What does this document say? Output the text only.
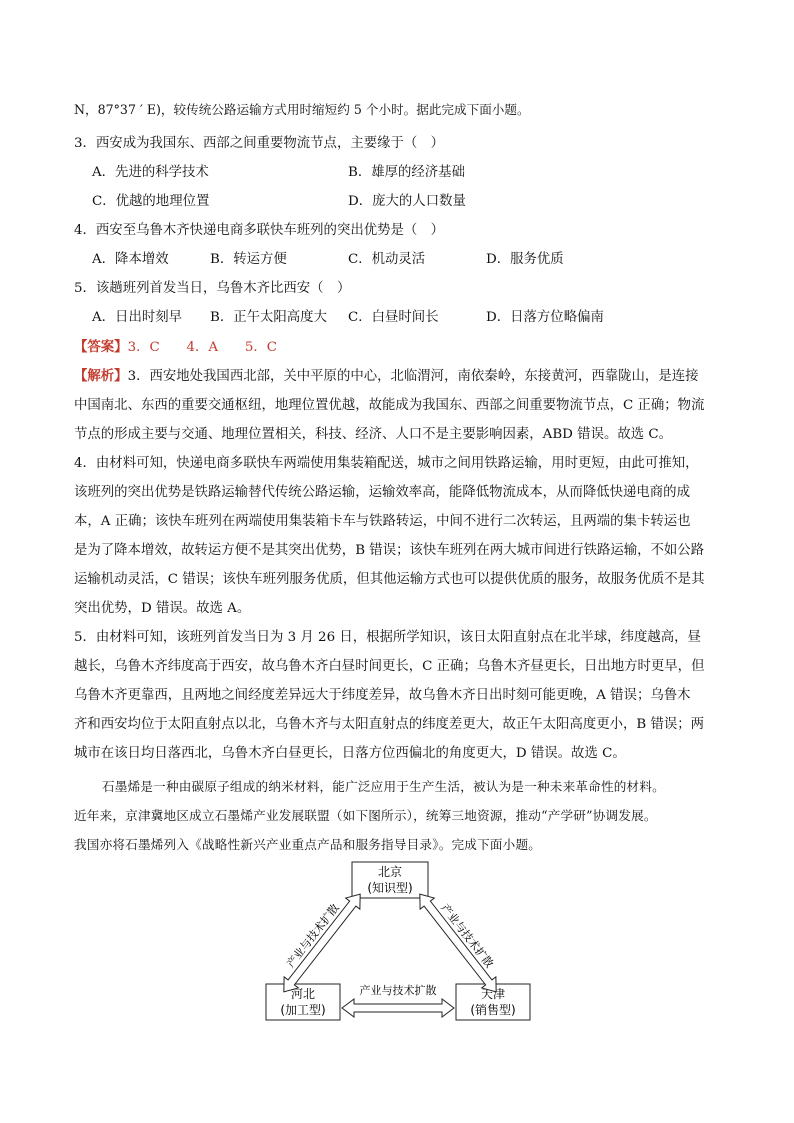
N，87°37 ′ E)，较传统公路运输方式用时缩短约 5 个小时。据此完成下面小题。
3．西安成为我国东、西部之间重要物流节点，主要缘于（　）
A．先进的科学技术	B．雄厚的经济基础
C．优越的地理位置	D．庞大的人口数量
4．西安至乌鲁木齐快递电商多联快车班列的突出优势是（　）
A．降本增效	B．转运方便	C．机动灵活	D．服务优质
5．该趟班列首发当日，乌鲁木齐比西安（　）
A．日出时刻早 B．正午太阳高度大 C．白昼时间长	D．日落方位略偏南
【答案】3．C　　4．A　　5．C
【解析】3．西安地处我国西北部，关中平原的中心，北临渭河，南依秦岭，东接黄河，西靠陇山，是连接
中国南北、东西的重要交通枢纽，地理位置优越，故能成为我国东、西部之间重要物流节点，C 正确；物流
节点的形成主要与交通、地理位置相关，科技、经济、人口不是主要影响因素，ABD 错误。故选 C。
4．由材料可知，快递电商多联快车两端使用集装箱配送，城市之间用铁路运输，用时更短，由此可推知，
该班列的突出优势是铁路运输替代传统公路运输，运输效率高，能降低物流成本，从而降低快递电商的成
本，A 正确；该快车班列在两端使用集装箱卡车与铁路转运，中间不进行二次转运，且两端的集卡转运也
是为了降本增效，故转运方便不是其突出优势，B 错误；该快车班列在两大城市间进行铁路运输，不如公路
运输机动灵活，C 错误；该快车班列服务优质，但其他运输方式也可以提供优质的服务，故服务优质不是其
突出优势，D 错误。故选 A。
5．由材料可知，该班列首发当日为 3 月 26 日，根据所学知识，该日太阳直射点在北半球，纬度越高，昼
越长，乌鲁木齐纬度高于西安，故乌鲁木齐白昼时间更长，C 正确；乌鲁木齐昼更长，日出地方时更早，但
乌鲁木齐更靠西，且两地之间经度差异远大于纬度差异，故乌鲁木齐日出时刻可能更晚，A 错误；乌鲁木
齐和西安均位于太阳直射点以北，乌鲁木齐与太阳直射点的纬度差更大，故正午太阳高度更小，B 错误；两
城市在该日均日落西北，乌鲁木齐白昼更长，日落方位西偏北的角度更大，D 错误。故选 C。
石墨烯是一种由碳原子组成的纳米材料，能广泛应用于生产生活，被认为是一种未来革命性的材料。
近年来，京津冀地区成立石墨烯产业发展联盟（如下图所示），统筹三地资源，推动“产学研”协调发展。
我国亦将石墨烯列入《战略性新兴产业重点产品和服务指导目录》。完成下面小题。
北京
(知识型)
河北
(加工型)
天津
(销售型)
产业与技术扩散	产业与技术扩散
产业与技术扩散
